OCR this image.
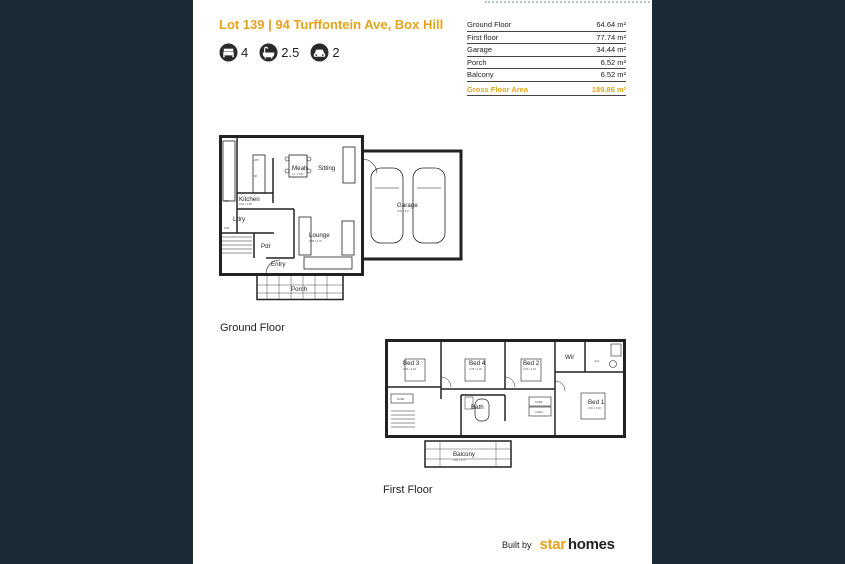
Lot 139 | 94 Turffontein Ave, Box Hill
4	2.5	2
Ground Floor	64.64 m²
First floor	77.74 m²
Garage	34.44 m²
Porch	6.52 m²
Balcony	6.52 m²
Gross Floor Area	189.86 m²
Meals
4.1 x 3.62
Sitting
Kitchen
3.60 x 2.80	Garage
5.90 x 6.17
Lounge
3.88 x 3.70
Ldry
Pdr
Entry
Porch
WIP
B/I
REF
W/M
Ground Floor
Bed 3
3.30 x 3.20
Bed 4
2.78 x 3.40
Bed 2
3.30 x 3.40
Bed 1
3.60 x 3.60
Wir
Ens
Bath
Balcony
3.60 x 1.72
ROBE
ROBE
LINEN
First Floor
Built by star homes
